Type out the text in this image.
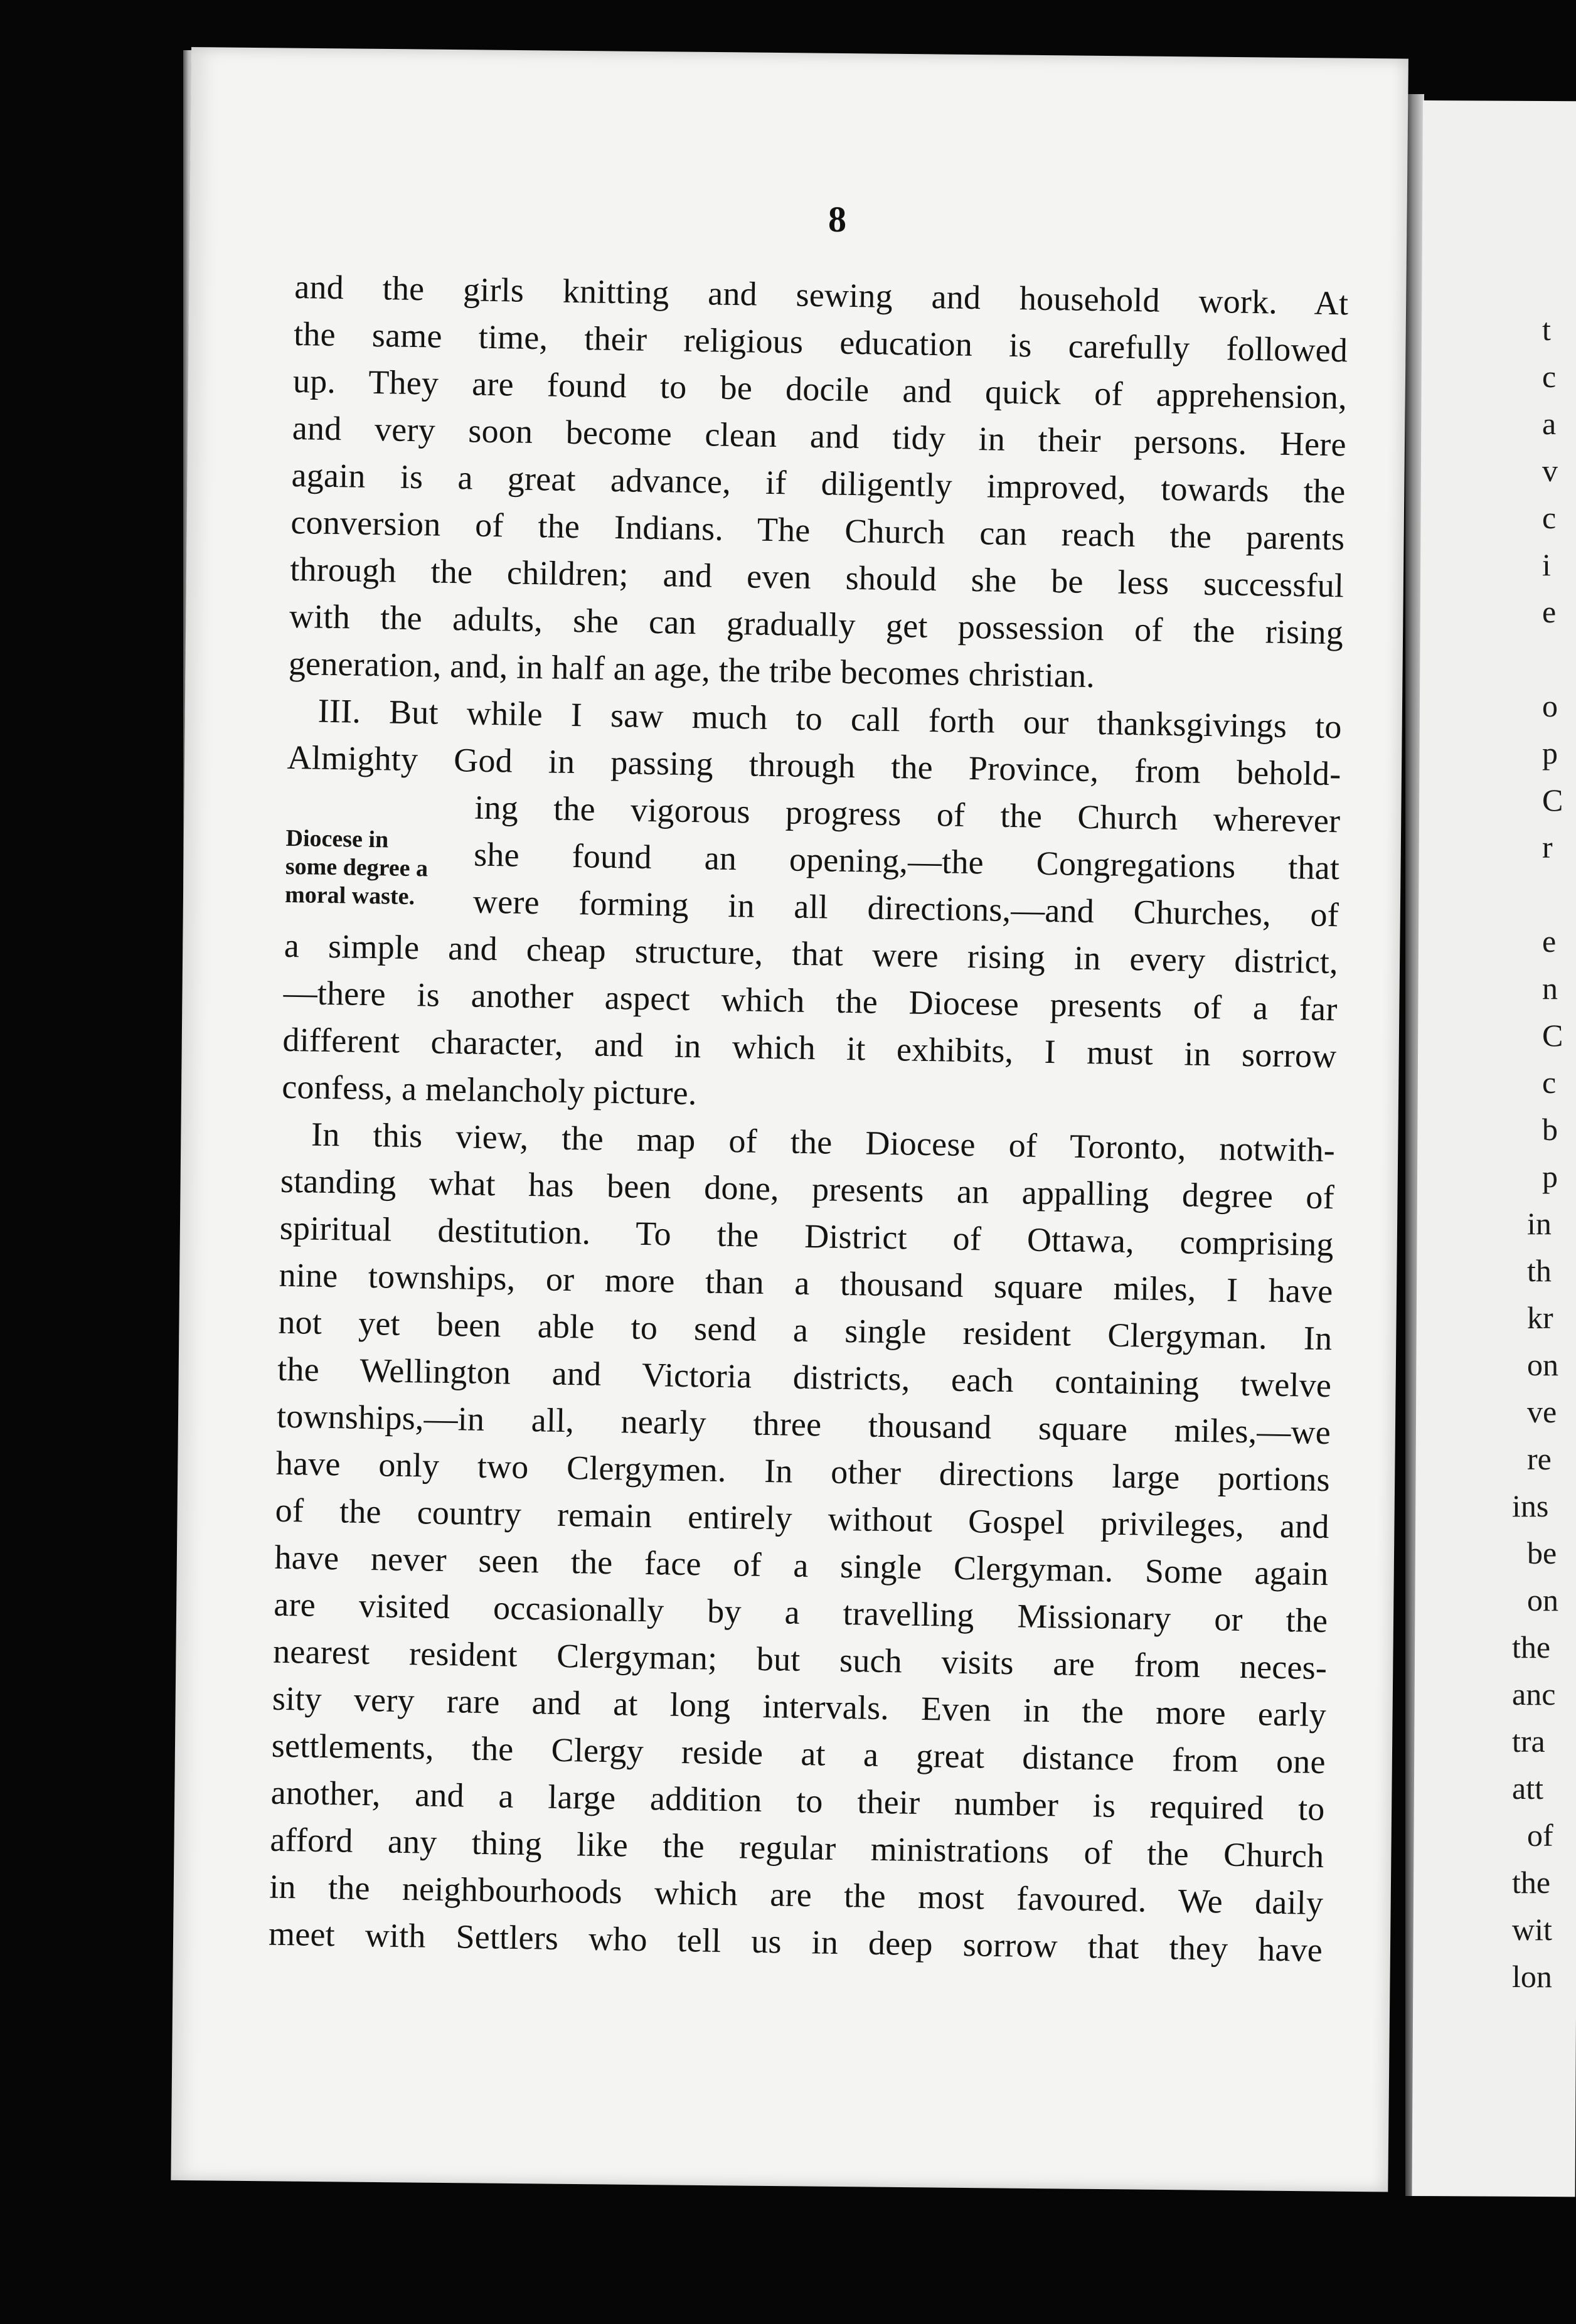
8
Diocese in
some degree a
moral waste.
and the girls knitting and sewing and household work. At
the same time, their religious education is carefully followed
up. They are found to be docile and quick of apprehension,
and very soon become clean and tidy in their persons. Here
again is a great advance, if diligently improved, towards the
conversion of the Indians. The Church can reach the parents
through the children; and even should she be less successful
with the adults, she can gradually get possession of the rising
generation, and, in half an age, the tribe becomes christian.
III. But while I saw much to call forth our thanksgivings to
Almighty God in passing through the Province, from behold-
ing the vigorous progress of the Church wherever
she found an opening,—the Congregations that
were forming in all directions,—and Churches, of
a simple and cheap structure, that were rising in every district,
—there is another aspect which the Diocese presents of a far
different character, and in which it exhibits, I must in sorrow
confess, a melancholy picture.
In this view, the map of the Diocese of Toronto, notwith-
standing what has been done, presents an appalling degree of
spiritual destitution. To the District of Ottawa, comprising
nine townships, or more than a thousand square miles, I have
not yet been able to send a single resident Clergyman. In
the Wellington and Victoria districts, each containing twelve
townships,—in all, nearly three thousand square miles,—we
have only two Clergymen. In other directions large portions
of the country remain entirely without Gospel privileges, and
have never seen the face of a single Clergyman. Some again
are visited occasionally by a travelling Missionary or the
nearest resident Clergyman; but such visits are from neces-
sity very rare and at long intervals. Even in the more early
settlements, the Clergy reside at a great distance from one
another, and a large addition to their number is required to
afford any thing like the regular ministrations of the Church
in the neighbourhoods which are the most favoured. We daily
meet with Settlers who tell us in deep sorrow that they have
t
c
a
v
c
i
e
o
p
C
r
e
n
C
c
b
p
in
th
kr
on
ve
re
ins
be
on
the
anc
tra
att
of
the
wit
lon
